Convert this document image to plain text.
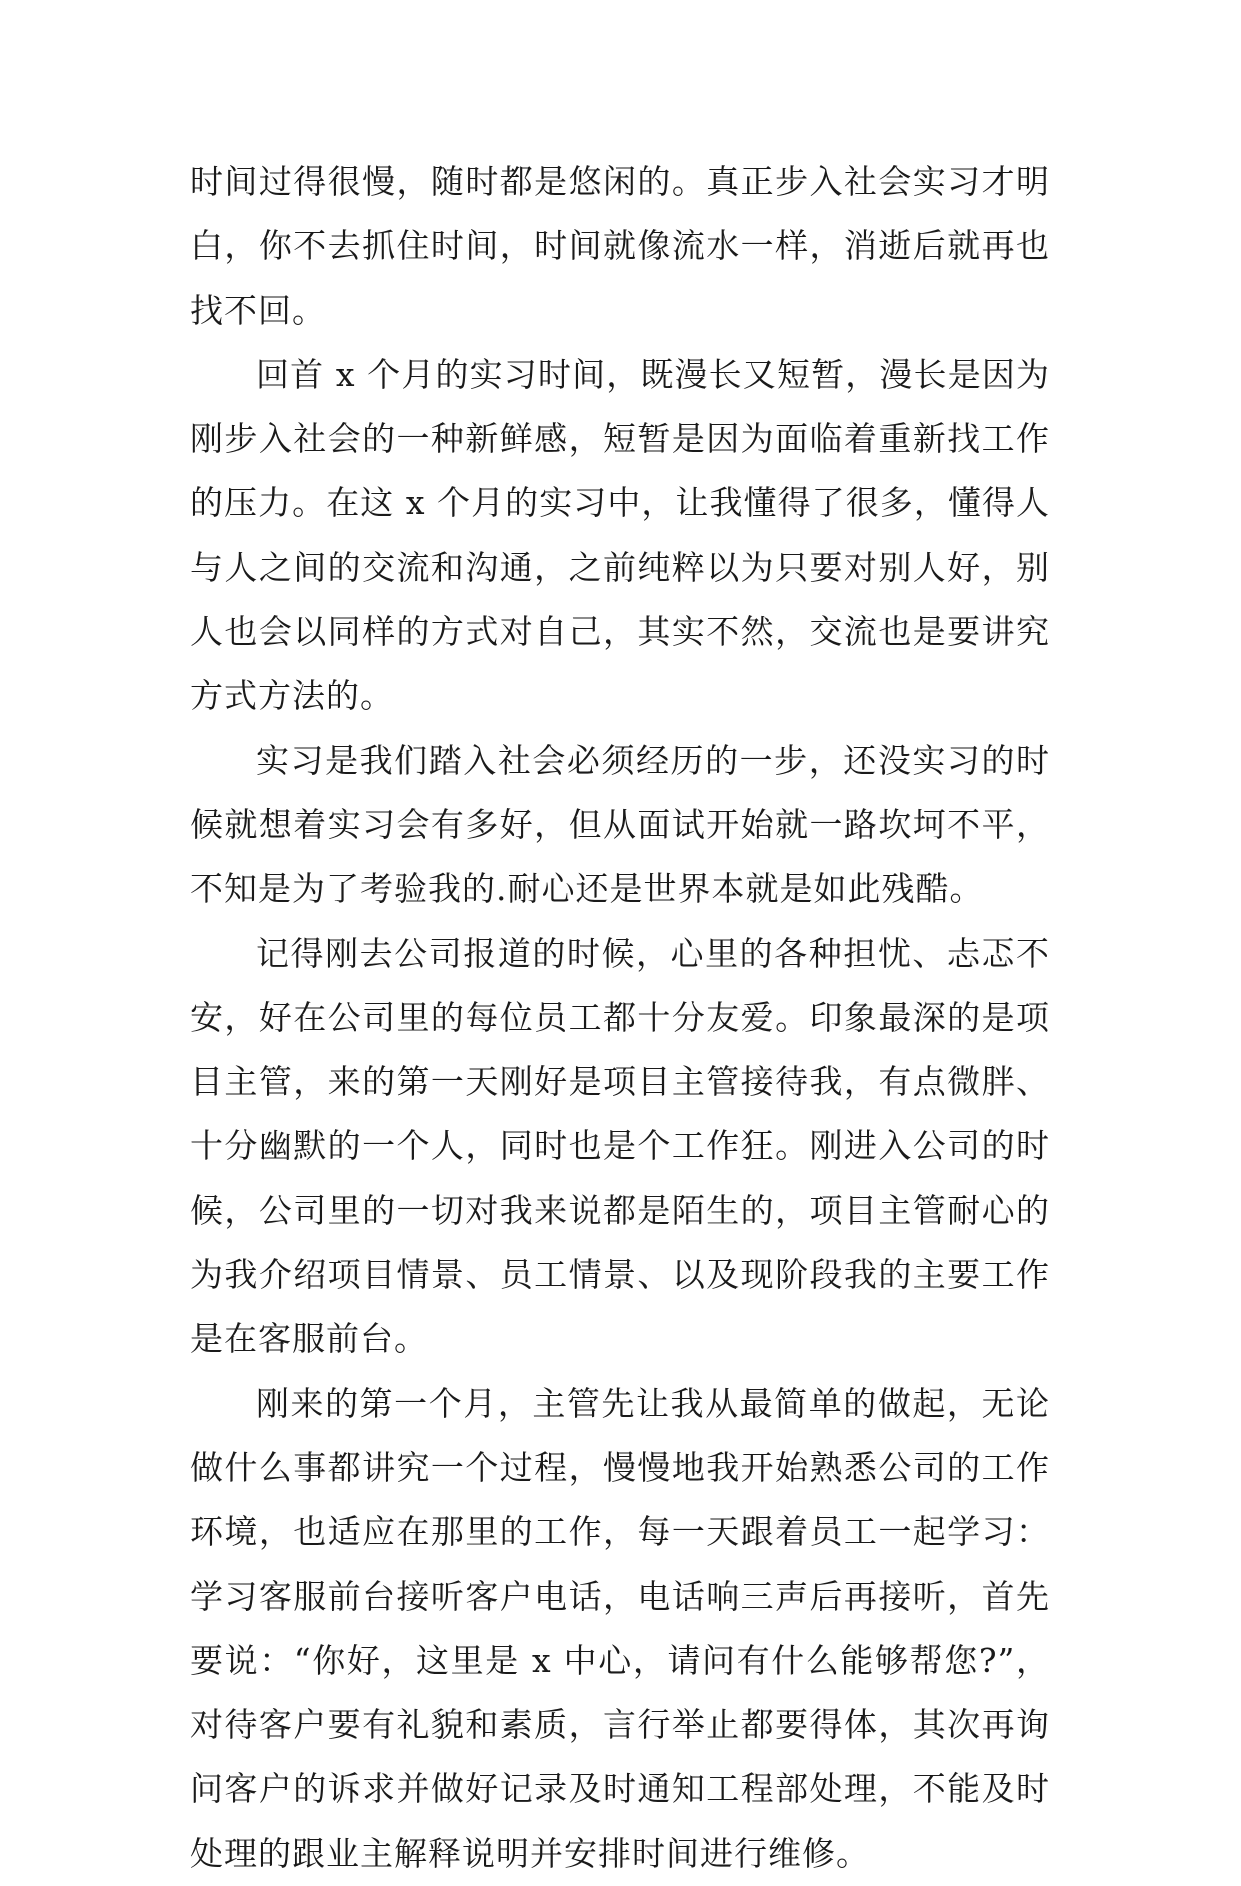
时间过得很慢，随时都是悠闲的。真正步入社会实习才明白，你不去抓住时间，时间就像流水一样，消逝后就再也找不回。

回首 x 个月的实习时间，既漫长又短暂，漫长是因为刚步入社会的一种新鲜感，短暂是因为面临着重新找工作的压力。在这 x 个月的实习中，让我懂得了很多，懂得人与人之间的交流和沟通，之前纯粹以为只要对别人好，别人也会以同样的方式对自己，其实不然，交流也是要讲究方式方法的。

实习是我们踏入社会必须经历的一步，还没实习的时候就想着实习会有多好，但从面试开始就一路坎坷不平，不知是为了考验我的.耐心还是世界本就是如此残酷。

记得刚去公司报道的时候，心里的各种担忧、忐忑不安，好在公司里的每位员工都十分友爱。印象最深的是项目主管，来的第一天刚好是项目主管接待我，有点微胖、十分幽默的一个人，同时也是个工作狂。刚进入公司的时候，公司里的一切对我来说都是陌生的，项目主管耐心的为我介绍项目情景、员工情景、以及现阶段我的主要工作是在客服前台。

刚来的第一个月，主管先让我从最简单的做起，无论做什么事都讲究一个过程，慢慢地我开始熟悉公司的工作环境，也适应在那里的工作，每一天跟着员工一起学习：学习客服前台接听客户电话，电话响三声后再接听，首先要说：“你好，这里是 x 中心，请问有什么能够帮您?”，对待客户要有礼貌和素质，言行举止都要得体，其次再询问客户的诉求并做好记录及时通知工程部处理，不能及时处理的跟业主解释说明并安排时间进行维修。
